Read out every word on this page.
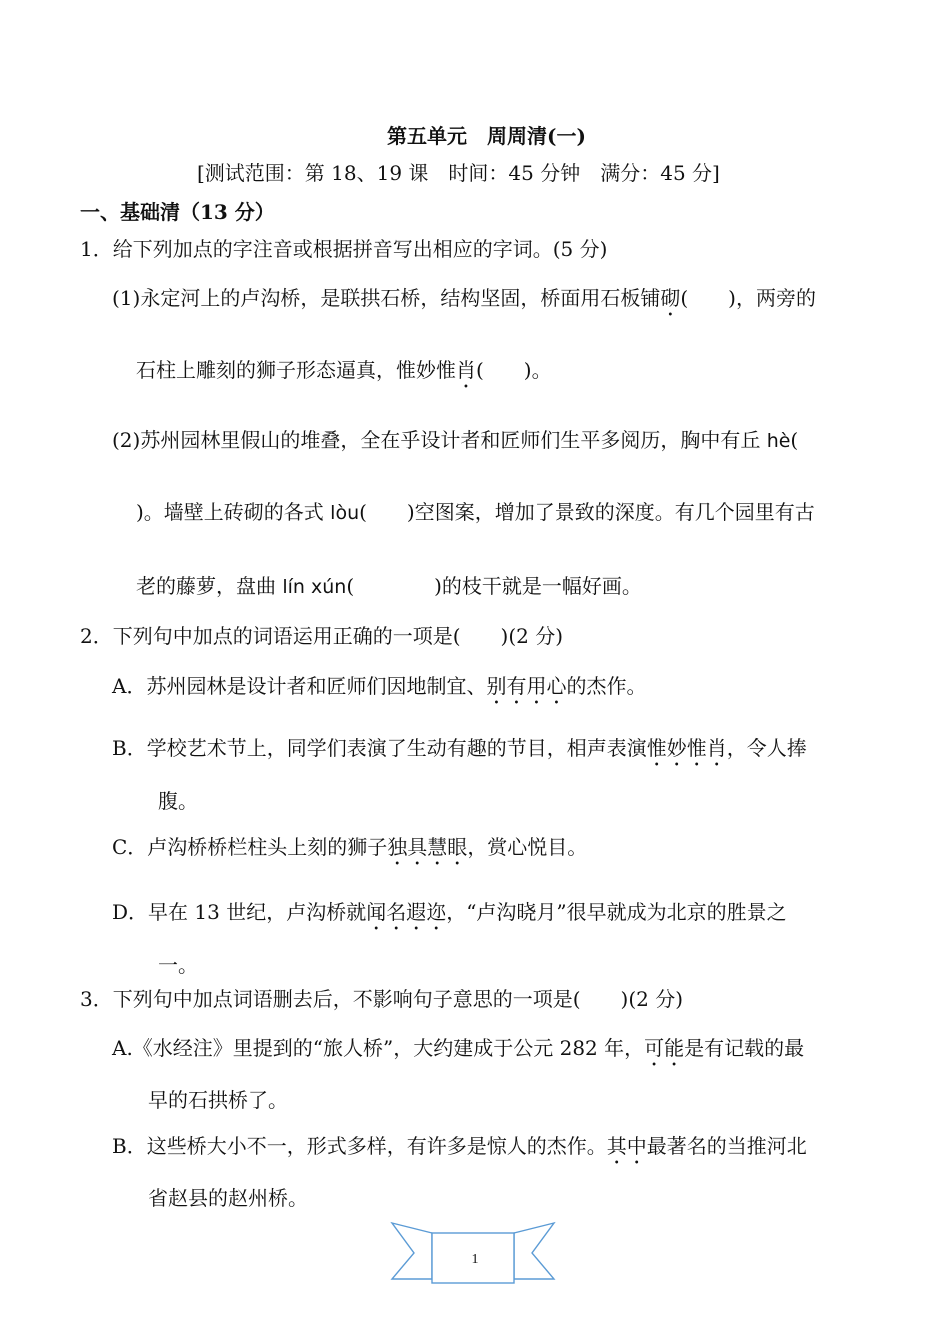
第五单元　周周清(一)
[测试范围：第 18、19 课　时间：45 分钟　满分：45 分]
一、基础清（13 分）
1．给下列加点的字注音或根据拼音写出相应的字词。(5 分)
(1)永定河上的卢沟桥，是联拱石桥，结构坚固，桥面用石板铺砌(　　)，两旁的
石柱上雕刻的狮子形态逼真，惟妙惟肖(　　)。
(2)苏州园林里假山的堆叠，全在乎设计者和匠师们生平多阅历，胸中有丘 hè(
)。墙壁上砖砌的各式 lòu(　　)空图案，增加了景致的深度。有几个园里有古
老的藤萝，盘曲 lín xún(　　　　)的枝干就是一幅好画。
2．下列句中加点的词语运用正确的一项是(　　)(2 分)
A．苏州园林是设计者和匠师们因地制宜、别有用心的杰作。
B．学校艺术节上，同学们表演了生动有趣的节目，相声表演惟妙惟肖，令人捧
腹。
C．卢沟桥桥栏柱头上刻的狮子独具慧眼，赏心悦目。
D．早在 13 世纪，卢沟桥就闻名遐迩，“卢沟晓月”很早就成为北京的胜景之
一。
3．下列句中加点词语删去后，不影响句子意思的一项是(　　)(2 分)
A.《水经注》里提到的“旅人桥”，大约建成于公元 282 年，可能是有记载的最
早的石拱桥了。
B．这些桥大小不一，形式多样，有许多是惊人的杰作。其中最著名的当推河北
省赵县的赵州桥。
1
